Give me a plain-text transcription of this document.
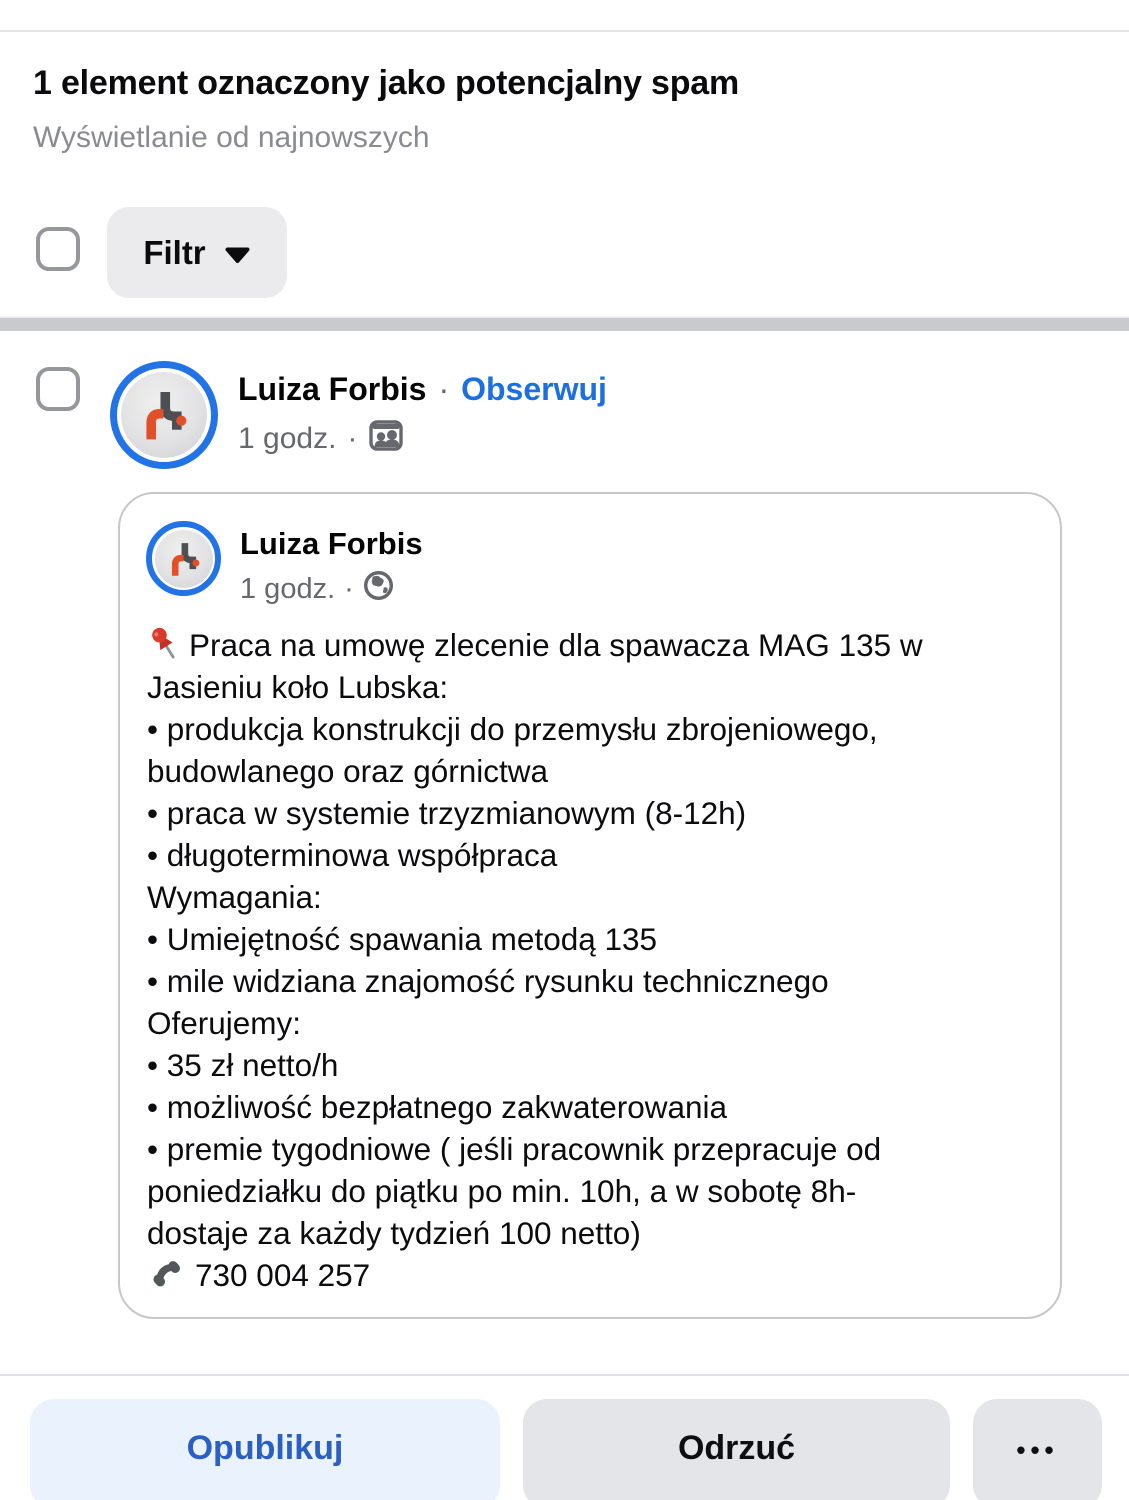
1 element oznaczony jako potencjalny spam
Wyświetlanie od najnowszych
Filtr
Luiza Forbis · Obserwuj
1 godz. ·
Luiza Forbis
1 godz. ·
Praca na umowę zlecenie dla spawacza MAG 135 w
Jasieniu koło Lubska:
• produkcja konstrukcji do przemysłu zbrojeniowego,
budowlanego oraz górnictwa
• praca w systemie trzyzmianowym (8-12h)
• długoterminowa współpraca
Wymagania:
• Umiejętność spawania metodą 135
• mile widziana znajomość rysunku technicznego
Oferujemy:
• 35 zł netto/h
• możliwość bezpłatnego zakwaterowania
• premie tygodniowe ( jeśli pracownik przepracuje od
poniedziałku do piątku po min. 10h, a w sobotę 8h-
dostaje za każdy tydzień 100 netto)
730 004 257
Opublikuj	Odrzuć	•••
